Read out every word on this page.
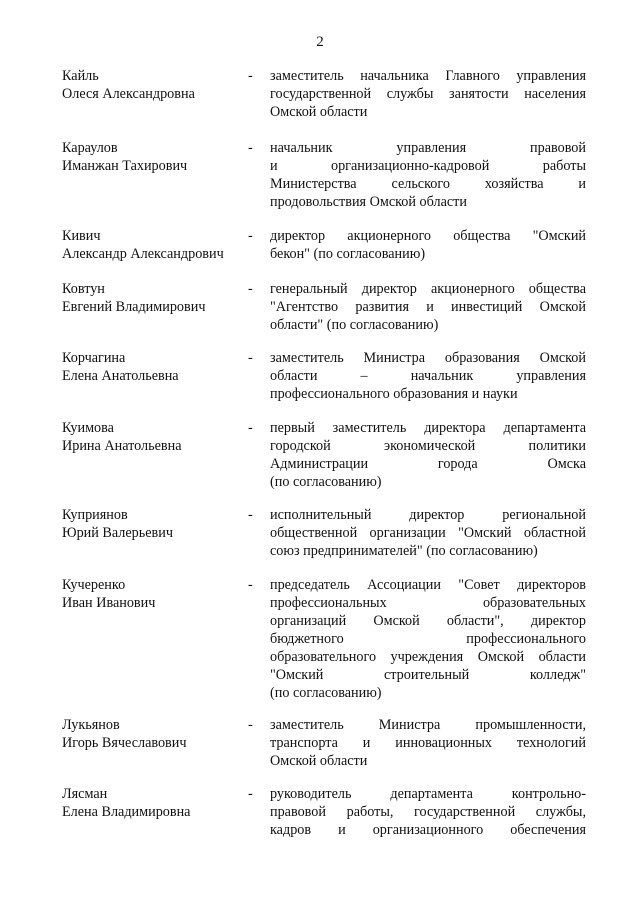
2
Кайль
Олеся Александровна
- заместитель начальника Главного управления
государственной службы занятости населения
Омской области
Караулов
Иманжан Тахирович
- начальник управления правовой
и организационно-кадровой работы
Министерства сельского хозяйства и
продовольствия Омской области
Кивич
Александр Александрович
- директор акционерного общества "Омский
бекон" (по согласованию)
Ковтун
Евгений Владимирович
- генеральный директор акционерного общества
"Агентство развития и инвестиций Омской
области" (по согласованию)
Корчагина
Елена Анатольевна
- заместитель Министра образования Омской
области – начальник управления
профессионального образования и науки
Куимова
Ирина Анатольевна
- первый заместитель директора департамента
городской экономической политики
Администрации города Омска
(по согласованию)
Куприянов
Юрий Валерьевич
- исполнительный директор региональной
общественной организации "Омский областной
союз предпринимателей" (по согласованию)
Кучеренко
Иван Иванович
- председатель Ассоциации "Совет директоров
профессиональных образовательных
организаций Омской области", директор
бюджетного профессионального
образовательного учреждения Омской области
"Омский строительный колледж"
(по согласованию)
Лукьянов
Игорь Вячеславович
- заместитель Министра промышленности,
транспорта и инновационных технологий
Омской области
Лясман
Елена Владимировна
- руководитель департамента контрольно-
правовой работы, государственной службы,
кадров и организационного обеспечения
